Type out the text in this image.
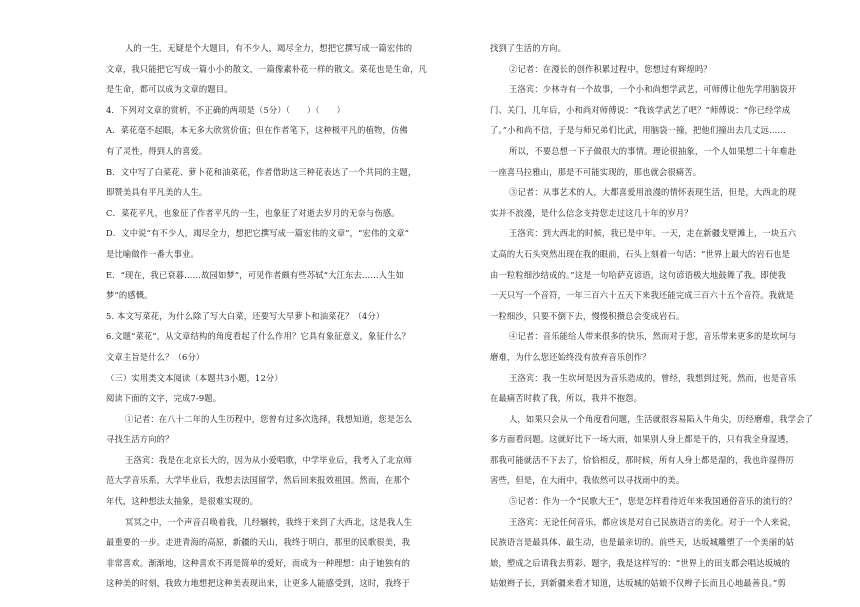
人的一生，无疑是个大题目，有不少人，竭尽全力，想把它撰写成一篇宏伟的

文章，我只能把它写成一篇小小的散文，一篇像素朴花一样的散文。菜花也是生命，凡

是生命，都可以成为文章的题目。

4．下列对文章的赏析，不正确的两项是（5分）（　　）（　　）

A．菜花毫不起眼，本无多大欣赏价值；但在作者笔下，这种极平凡的植物，仿佛

有了灵性，得到人的喜爱。

B．文中写了白菜花、萝卜花和油菜花，作者借助这三种花表达了一个共同的主题，

即赞美具有平凡美的人生。

C．菜花平凡，也象征了作者平凡的一生，也象征了对逝去岁月的无奈与伤感。

D．文中说“有不少人，竭尽全力，想把它撰写成一篇宏伟的文章”，“宏伟的文章”

是比喻做作一番大事业。

E．“现在，我已衰暮……故园如梦”，可见作者颇有些苏轼“大江东去……人生如

梦”的感慨。

5. 本文写菜花，为什么除了写大白菜，还要写大早萝卜和油菜花？（4分）

6.文题“菜花”，从文章结构的角度看起了什么作用？它具有象征意义，象征什么？

文章主旨是什么？（6分）

（三）实用类文本阅读（本题共3小题，12分）

阅读下面的文字，完成7-9题。

①记者：在八十二年的人生历程中，您曾有过多次选择，我想知道，您是怎么

寻找生活方向的？

王洛宾：我是在北京长大的，因为从小爱唱歌，中学毕业后，我考入了北京师

范大学音乐系，大学毕业后，我想去法国留学，然后回来报效祖国。然而，在那个

年代，这种想法太抽象，是很难实现的。

冥冥之中，一个声音召唤着我，几经辗转，我终于来到了大西北，这是我人生

最重要的一步。走进青海的高原，新疆的天山，我终于明白，那里的民歌很美，我

非常喜欢。渐渐地，这种喜欢不再是简单的爱好，而成为一种理想：由于她独有的

这种美的时刻，我致力地想把这种美表现出来，让更多人能感受到，这时，我终于

找到了生活的方向。

②记者：在漫长的创作积累过程中，您想过有辉煌吗？

王洛宾：少林寺有一个故事，一个小和尚想学武艺，可师傅让他先学用脑袋开

门、关门，几年后，小和尚对师傅说：“我该学武艺了吧？”师傅说：“你已经学成

了。”小和尚不信，于是与师兄弟们比武，用脑袋一撞，把他们撞出去几丈远……

所以，不要总想一下子做很大的事情。理论很抽象，一个人如果想二十年难赴

一座喜马拉雅山，那是不可能实现的，那也就会很痛苦。

③记者：从事艺术的人，大都喜爱用浪漫的情怀表现生活，但是，大西北的现

实并不浪漫，是什么信念支持您走过这几十年的岁月？

王洛宾：到大西北的时候，我已是中年。一天，走在新疆戈壁滩上，一块五六

丈高的大石头突然出现在我的眼前，石头上刻着一句话：“世界上最大的岩石也是

由一粒粒细沙结成的。”这是一句哈萨克谚语，这句谚语极大地鼓舞了我。即使我

一天只写一个音符，一年三百六十五天下来我还能完成三百六十五个音符。我就是

一粒细沙，只要不倒下去，慢慢积攒总会变成岩石。

④记者：音乐能给人带来很多的快乐，然而对于您，音乐带来更多的是坎坷与

磨难，为什么您还始终没有放弃音乐创作？

王洛宾：我一生坎坷是因为音乐造成的，曾经，我想到过死，然而，也是音乐

在最痛苦时救了我，所以，我并不抱怨。

人，如果只会从一个角度看问题，生活就很容易陷入牛角尖，历经磨难，我学会了

多方面看问题。这就好比下一场大雨，如果别人身上都是干的，只有我全身湿透，

那我可能就活不下去了，恰恰相反，那时候，所有人身上都是湿的，我也许湿得厉

害些，但是，在大雨中，我依然可以寻找雨中的美。

⑤记者：作为一个“民歌大王”，您是怎样看待近年来我国通俗音乐的流行的？

王洛宾：无论任何音乐，都应该是对自己民族语言的美化。对于一个人来说，

民族语言是最具体、最生动，也是最亲切的。前些天，达坂城雕塑了一个美丽的姑

娘，塑成之后请我去剪彩、题字，我是这样写的：“世界上的田支都会唱达坂城的

姑娘辫子长，到新疆来看才知道，达坂城的姑娘不仅辫子长而且心地最善良。”剪
